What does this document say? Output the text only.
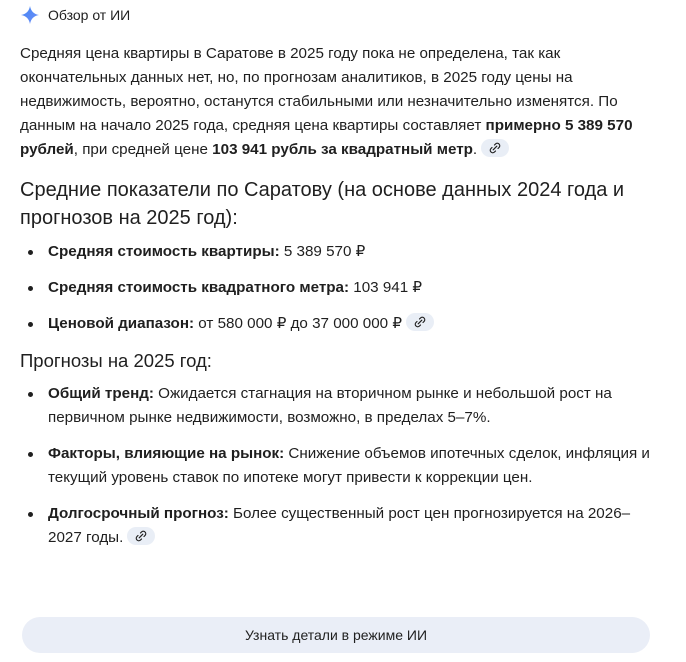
Обзор от ИИ

Средняя цена квартиры в Саратове в 2025 году пока не определена, так как окончательных данных нет, но, по прогнозам аналитиков, в 2025 году цены на недвижимость, вероятно, останутся стабильными или незначительно изменятся. По данным на начало 2025 года, средняя цена квартиры составляет примерно 5 389 570 рублей, при средней цене 103 941 рубль за квадратный метр.

Средние показатели по Саратову (на основе данных 2024 года и прогнозов на 2025 год):
Средняя стоимость квартиры: 5 389 570 ₽
Средняя стоимость квадратного метра: 103 941 ₽
Ценовой диапазон: от 580 000 ₽ до 37 000 000 ₽
Прогнозы на 2025 год:
Общий тренд: Ожидается стагнация на вторичном рынке и небольшой рост на первичном рынке недвижимости, возможно, в пределах 5–7%.
Факторы, влияющие на рынок: Снижение объемов ипотечных сделок, инфляция и текущий уровень ставок по ипотеке могут привести к коррекции цен.
Долгосрочный прогноз: Более существенный рост цен прогнозируется на 2026–2027 годы.
Узнать детали в режиме ИИ
